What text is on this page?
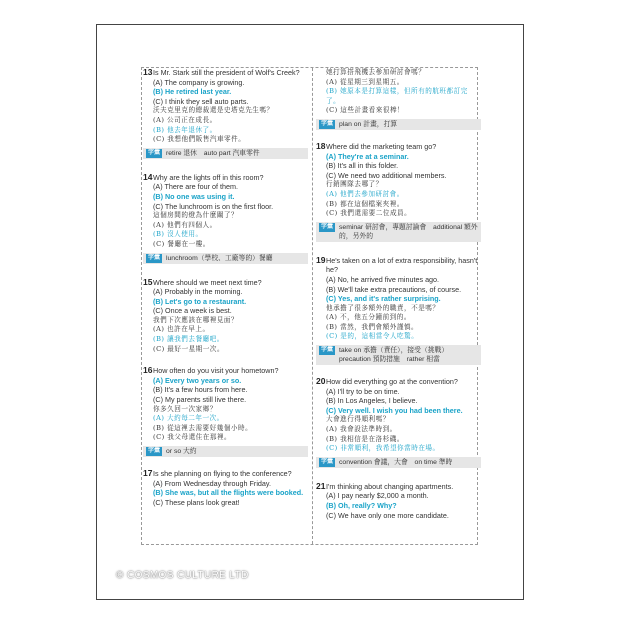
13 Is Mr. Stark still the president of Wolf's Creek?
(A) The company is growing.
(B) He retired last year.
(C) I think they sell auto parts.
沃夫克里克的總裁還是史塔克先生嗎？
(A) 公司正在成長。
(B) 他去年退休了。
(C) 我想他們販售汽車零件。
字彙 retire 退休　auto part 汽車零件
14 Why are the lights off in this room?
(A) There are four of them.
(B) No one was using it.
(C) The lunchroom is on the first floor.
這個房間的燈為什麼關了？
(A) 他們有四個人。
(B) 沒人使用。
(C) 餐廳在一樓。
字彙 lunchroom（學校、工廠等的）餐廳
15 Where should we meet next time?
(A) Probably in the morning.
(B) Let's go to a restaurant.
(C) Once a week is best.
我們下次應該在哪裡見面？
(A) 也許在早上。
(B) 讓我們去餐廳吧。
(C) 最好一星期一次。
16 How often do you visit your hometown?
(A) Every two years or so.
(B) It's a few hours from here.
(C) My parents still live there.
你多久回一次家鄉？
(A) 大約每二年一次。
(B) 從這裡去需要好幾個小時。
(C) 我父母還住在那裡。
字彙 or so 大約
17 Is she planning on flying to the conference?
(A) From Wednesday through Friday.
(B) She was, but all the flights were booked.
(C) These plans look great!
她打算搭飛機去參加研討會嗎？
(A) 從星期三到星期五。
(B) 她原本是打算這樣，但所有的航班都訂完了。
(C) 這些計畫看來很棒！
字彙 plan on 計畫，打算
18 Where did the marketing team go?
(A) They're at a seminar.
(B) It's all in this folder.
(C) We need two additional members.
行銷團隊去哪了？
(A) 他們去參加研討會。
(B) 都在這個檔案夾裡。
(C) 我們還需要二位成員。
字彙 seminar 研討會，專題討論會　additional 額外的，另外的
19 He's taken on a lot of extra responsibility, hasn't he?
(A) No, he arrived five minutes ago.
(B) We'll take extra precautions, of course.
(C) Yes, and it's rather surprising.
他承擔了很多額外的職責，不是嗎？
(A) 不，他五分鐘前到的。
(B) 當然，我們會額外謹慎。
(C) 是的，這相當令人吃驚。
字彙 take on 承擔（責任），接受（挑戰）　precaution 預防措施　rather 相當
20 How did everything go at the convention?
(A) I'll try to be on time.
(B) In Los Angeles, I believe.
(C) Very well. I wish you had been there.
大會進行得順利嗎？
(A) 我會設法準時到。
(B) 我相信是在洛杉磯。
(C) 非常順利，我希望你當時在場。
字彙 convention 會議，大會　on time 準時
21 I'm thinking about changing apartments.
(A) I pay nearly $2,000 a month.
(B) Oh, really? Why?
(C) We have only one more candidate.
© COSMOS CULTURE LTD
